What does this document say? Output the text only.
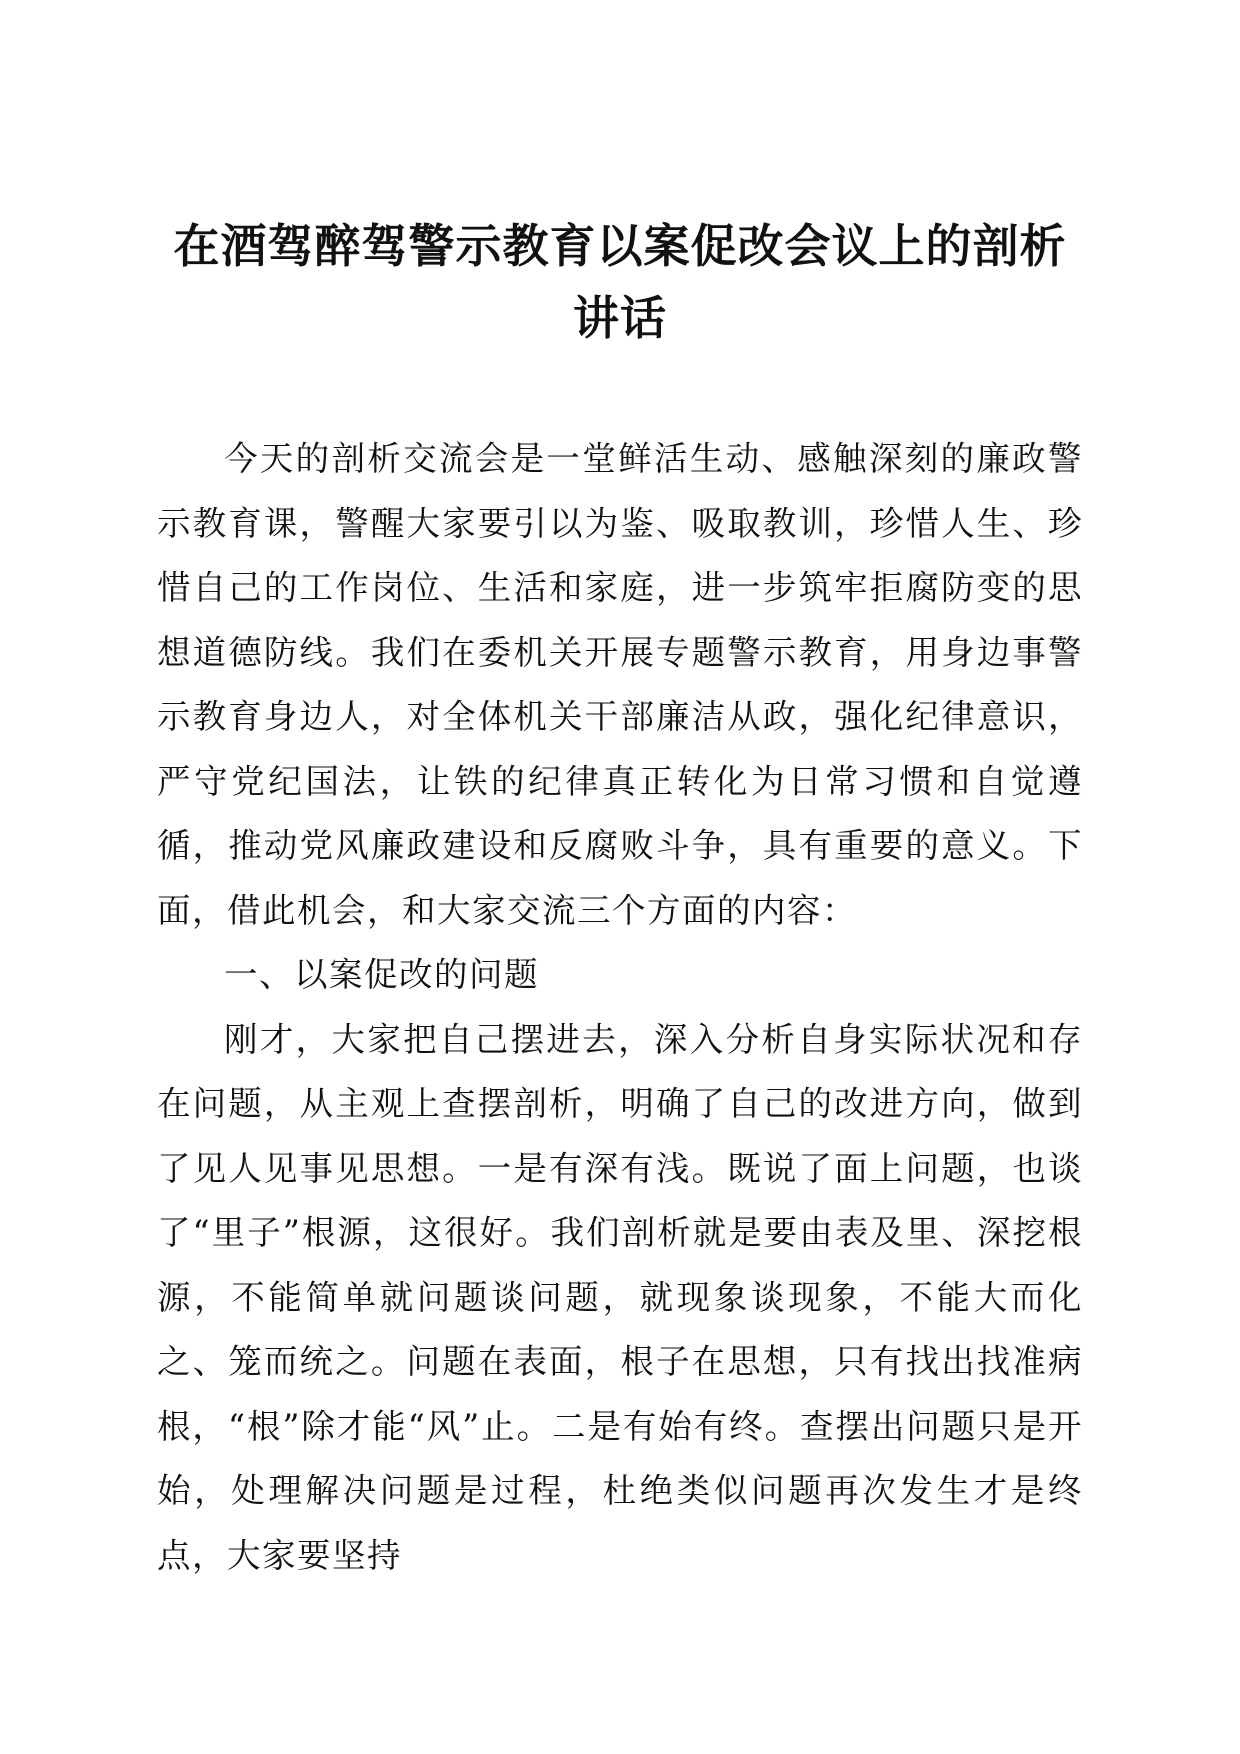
在酒驾醉驾警示教育以案促改会议上的剖析讲话

今天的剖析交流会是一堂鲜活生动、感触深刻的廉政警示教育课，警醒大家要引以为鉴、吸取教训，珍惜人生、珍惜自己的工作岗位、生活和家庭，进一步筑牢拒腐防变的思想道德防线。我们在委机关开展专题警示教育，用身边事警示教育身边人，对全体机关干部廉洁从政，强化纪律意识，严守党纪国法，让铁的纪律真正转化为日常习惯和自觉遵循，推动党风廉政建设和反腐败斗争，具有重要的意义。下面，借此机会，和大家交流三个方面的内容：

一、以案促改的问题

刚才，大家把自己摆进去，深入分析自身实际状况和存在问题，从主观上查摆剖析，明确了自己的改进方向，做到了见人见事见思想。一是有深有浅。既说了面上问题，也谈了“里子”根源，这很好。我们剖析就是要由表及里、深挖根源，不能简单就问题谈问题，就现象谈现象，不能大而化之、笼而统之。问题在表面，根子在思想，只有找出找准病根，“根”除才能“风”止。二是有始有终。查摆出问题只是开始，处理解决问题是过程，杜绝类似问题再次发生才是终点，大家要坚持
